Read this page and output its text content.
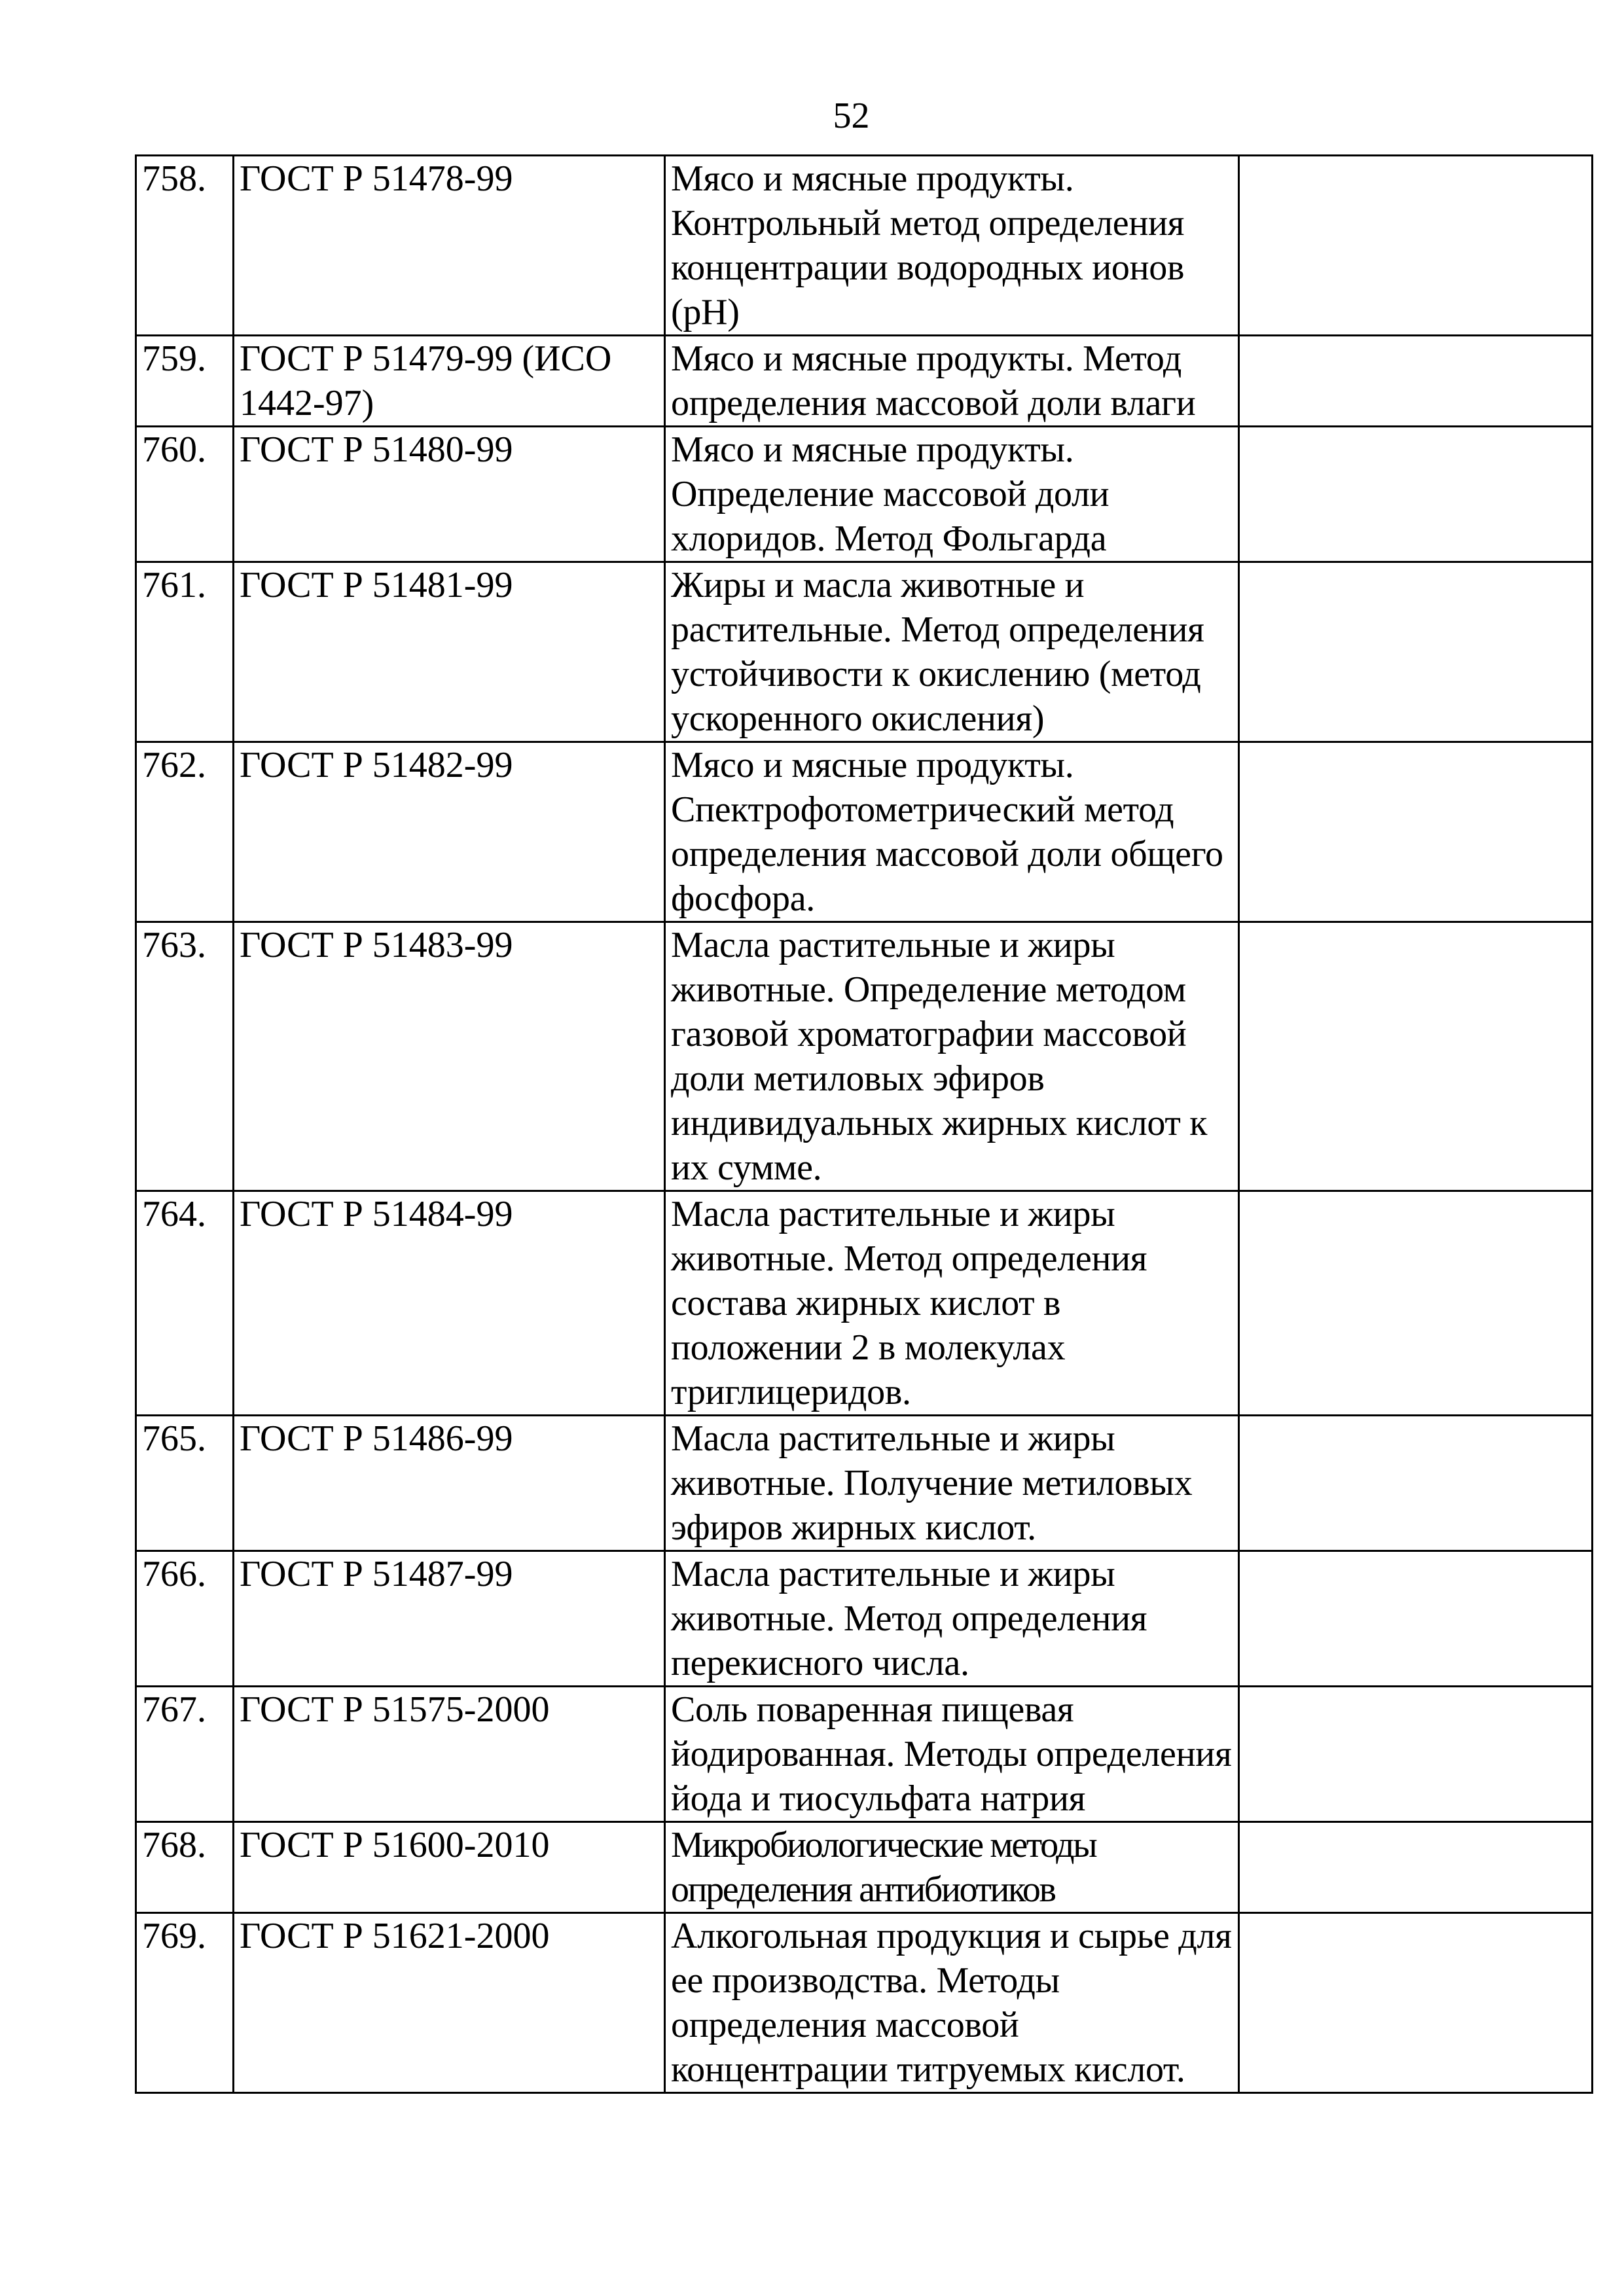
52
758.	ГОСТ Р 51478-99	Мясо и мясные продукты. Контрольный метод определения концентрации водородных ионов (pH)	
759.	ГОСТ Р 51479-99 (ИСО 1442-97)	Мясо и мясные продукты. Метод определения массовой доли влаги	
760.	ГОСТ Р 51480-99	Мясо и мясные продукты. Определение массовой доли хлоридов. Метод Фольгарда	
761.	ГОСТ Р 51481-99	Жиры и масла животные и растительные. Метод определения устойчивости к окислению (метод ускоренного окисления)	
762.	ГОСТ Р 51482-99	Мясо и мясные продукты. Спектрофотометрический метод определения массовой доли общего фосфора.	
763.	ГОСТ Р 51483-99	Масла растительные и жиры животные. Определение методом газовой хроматографии массовой доли метиловых эфиров индивидуальных жирных кислот к их сумме.	
764.	ГОСТ Р 51484-99	Масла растительные и жиры животные. Метод определения состава жирных кислот в положении 2 в молекулах триглицеридов.	
765.	ГОСТ Р 51486-99	Масла растительные и жиры животные. Получение метиловых эфиров жирных кислот.	
766.	ГОСТ Р 51487-99	Масла растительные и жиры животные. Метод определения перекисного числа.	
767.	ГОСТ Р 51575-2000	Соль поваренная пищевая йодированная. Методы определения йода и тиосульфата натрия	
768.	ГОСТ Р 51600-2010	Микробиологические методы определения антибиотиков	
769.	ГОСТ Р 51621-2000	Алкогольная продукция и сырье для ее производства. Методы определения массовой концентрации титруемых кислот.	
